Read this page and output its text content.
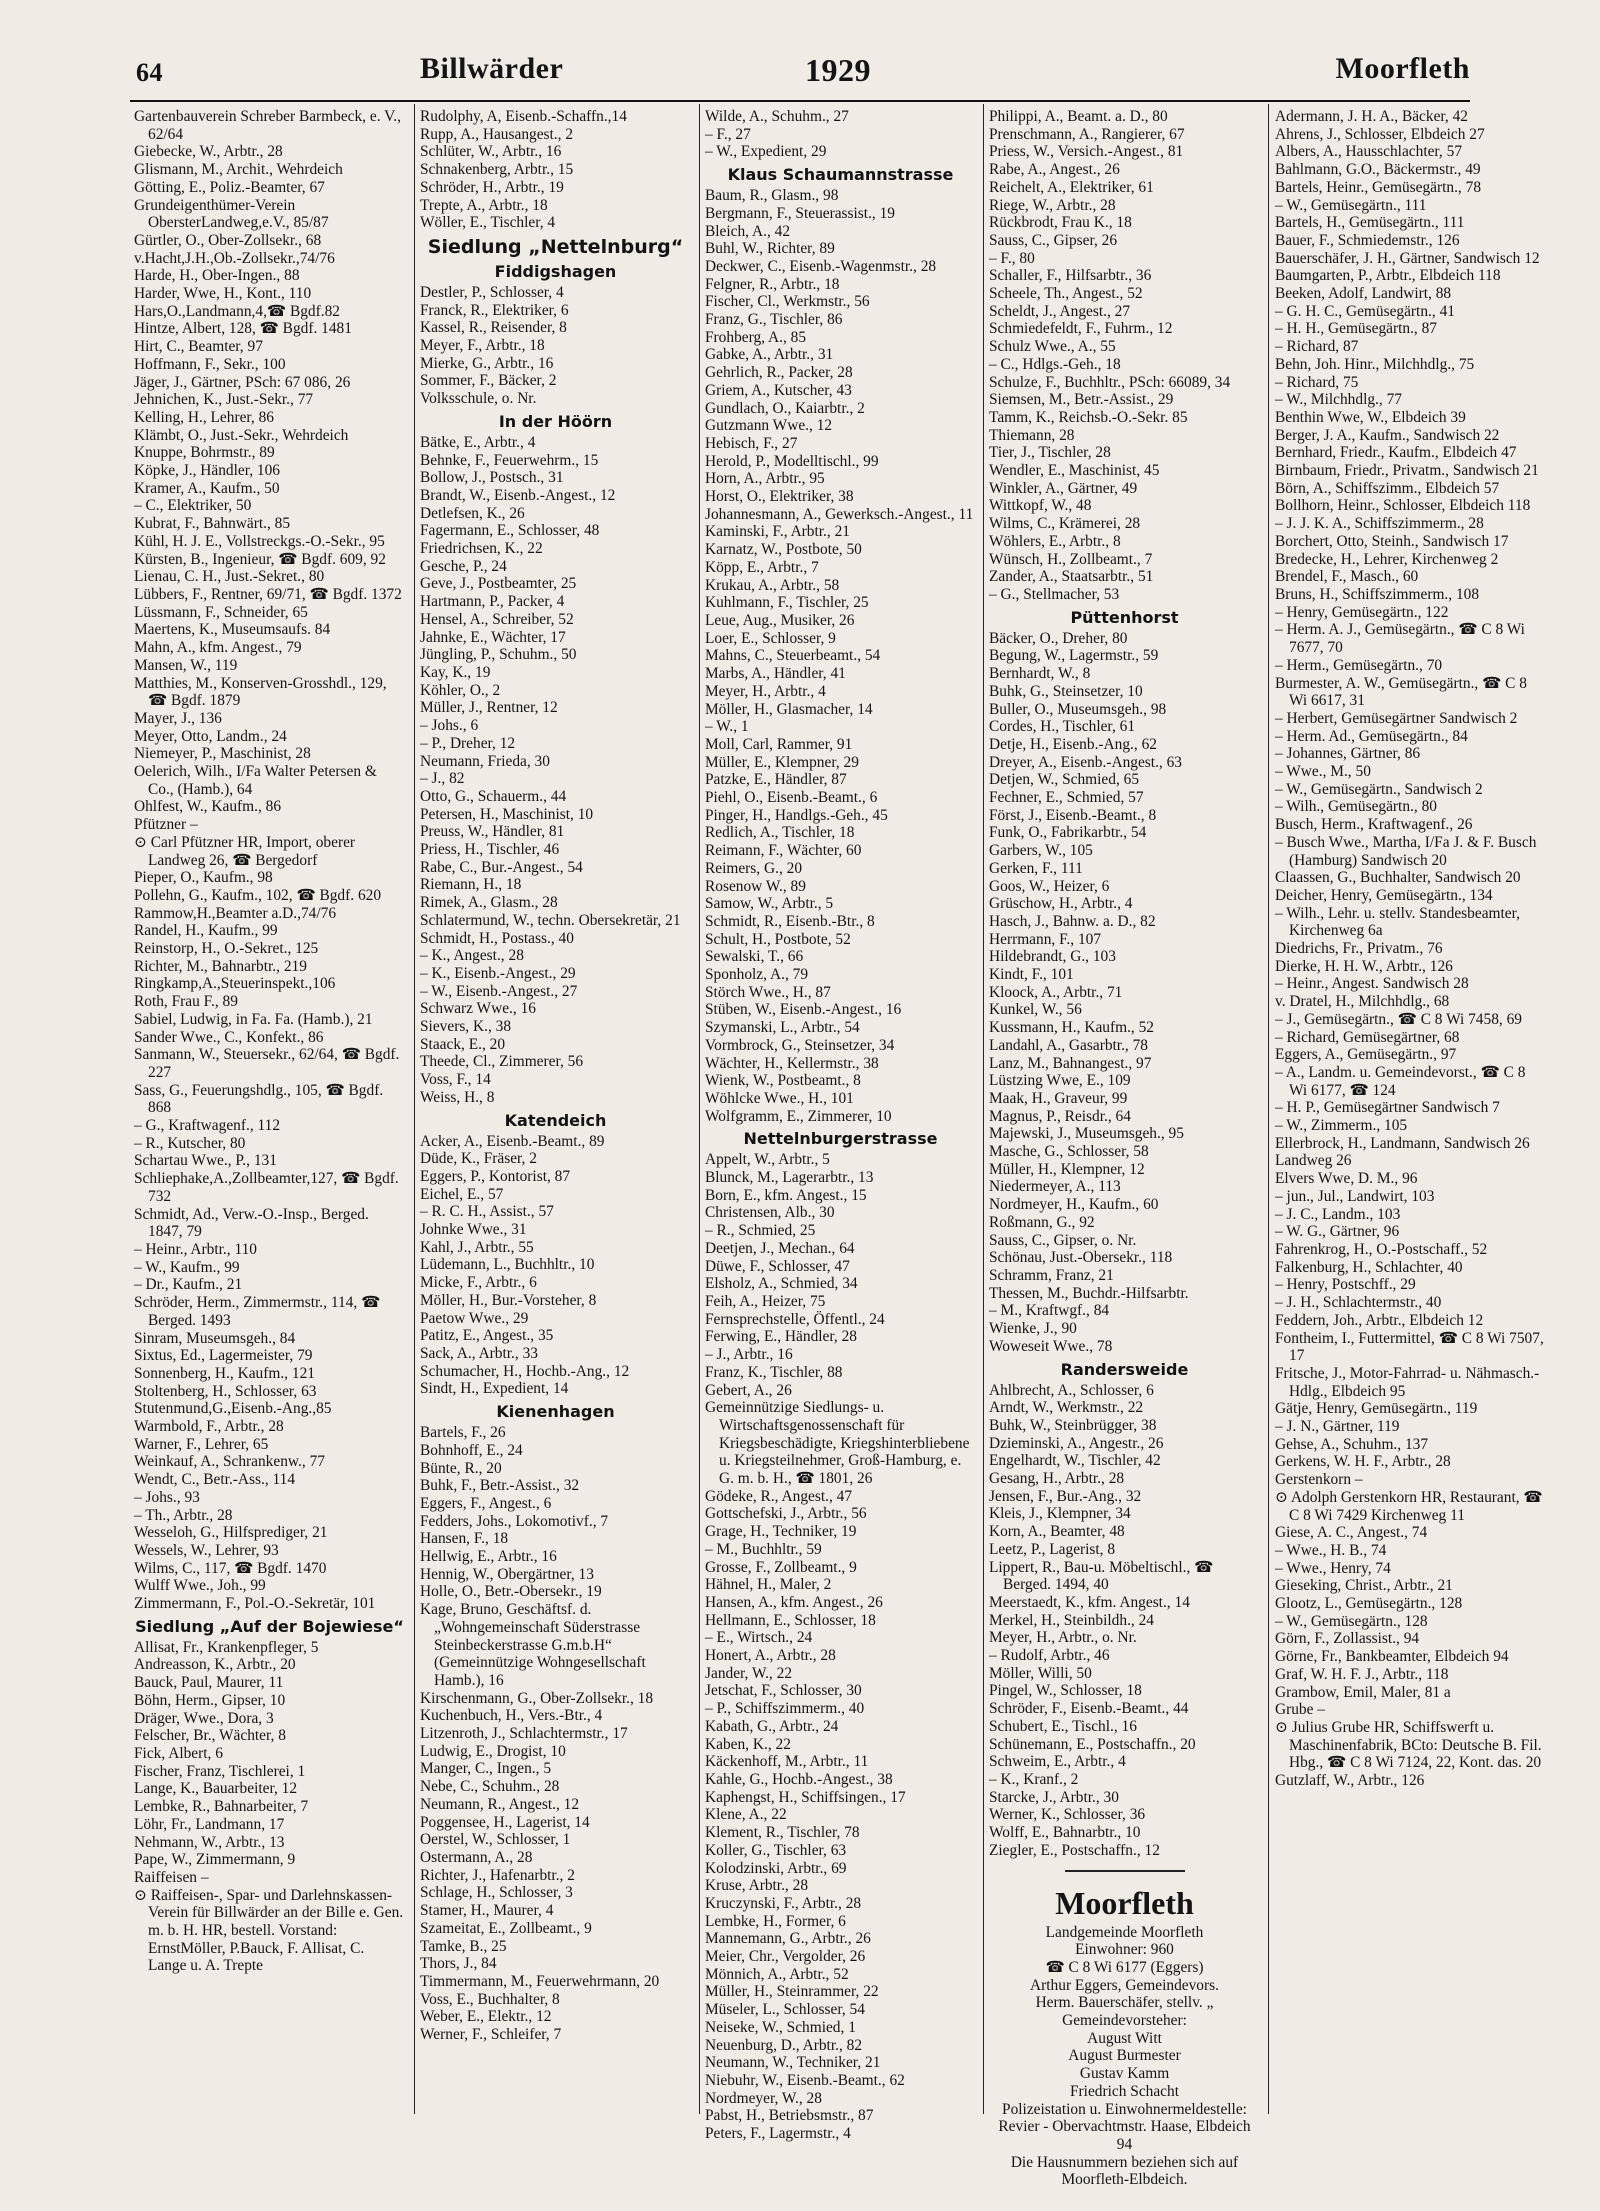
64	Billwärder	1929	Moorfleth

Gartenbauverein Schreber Barmbeck, e. V., 62/64

Giebecke, W., Arbtr., 28

Glismann, M., Archit., Wehrdeich

Götting, E., Poliz.-Beamter, 67

Grundeigenthümer-Verein ObersterLandweg,e.V., 85/87

Gürtler, O., Ober-Zollsekr., 68

v.Hacht,J.H.,Ob.-Zollsekr.,74/76

Harde, H., Ober-Ingen., 88

Harder, Wwe, H., Kont., 110

Hars,O.,Landmann,4,☎ Bgdf.82

Hintze, Albert, 128, ☎ Bgdf. 1481

Hirt, C., Beamter, 97

Hoffmann, F., Sekr., 100

Jäger, J., Gärtner, PSch: 67 086, 26

Jehnichen, K., Just.-Sekr., 77

Kelling, H., Lehrer, 86

Klämbt, O., Just.-Sekr., Wehrdeich

Knuppe, Bohrmstr., 89

Köpke, J., Händler, 106

Kramer, A., Kaufm., 50

– C., Elektriker, 50

Kubrat, F., Bahnwärt., 85

Kühl, H. J. E., Vollstreckgs.-O.-Sekr., 95

Kürsten, B., Ingenieur, ☎ Bgdf. 609, 92

Lienau, C. H., Just.-Sekret., 80

Lübbers, F., Rentner, 69/71, ☎ Bgdf. 1372

Lüssmann, F., Schneider, 65

Maertens, K., Museumsaufs. 84

Mahn, A., kfm. Angest., 79

Mansen, W., 119

Matthies, M., Konserven-Grosshdl., 129, ☎ Bgdf. 1879

Mayer, J., 136

Meyer, Otto, Landm., 24

Niemeyer, P., Maschinist, 28

Oelerich, Wilh., I/Fa Walter Petersen & Co., (Hamb.), 64

Ohlfest, W., Kaufm., 86

Pfützner –

⊙ Carl Pfützner HR, Import, oberer Landweg 26, ☎ Bergedorf

Pieper, O., Kaufm., 98

Pollehn, G., Kaufm., 102, ☎ Bgdf. 620

Rammow,H.,Beamter a.D.,74/76

Randel, H., Kaufm., 99

Reinstorp, H., O.-Sekret., 125

Richter, M., Bahnarbtr., 219

Ringkamp,A.,Steuerinspekt.,106

Roth, Frau F., 89

Sabiel, Ludwig, in Fa. Fa. (Hamb.), 21

Sander Wwe., C., Konfekt., 86

Sanmann, W., Steuersekr., 62/64, ☎ Bgdf. 227

Sass, G., Feuerungshdlg., 105, ☎ Bgdf. 868

– G., Kraftwagenf., 112

– R., Kutscher, 80

Schartau Wwe., P., 131

Schliephake,A.,Zollbeamter,127, ☎ Bgdf. 732

Schmidt, Ad., Verw.-O.-Insp., Berged. 1847, 79

– Heinr., Arbtr., 110

– W., Kaufm., 99

– Dr., Kaufm., 21

Schröder, Herm., Zimmermstr., 114, ☎ Berged. 1493

Sinram, Museumsgeh., 84

Sixtus, Ed., Lagermeister, 79

Sonnenberg, H., Kaufm., 121

Stoltenberg, H., Schlosser, 63

Stutenmund,G.,Eisenb.-Ang.,85

Warmbold, F., Arbtr., 28

Warner, F., Lehrer, 65

Weinkauf, A., Schrankenw., 77

Wendt, C., Betr.-Ass., 114

– Johs., 93

– Th., Arbtr., 28

Wesseloh, G., Hilfsprediger, 21

Wessels, W., Lehrer, 93

Wilms, C., 117, ☎ Bgdf. 1470

Wulff Wwe., Joh., 99

Zimmermann, F., Pol.-O.-Sekretär, 101

Siedlung „Auf der Bojewiese“

Allisat, Fr., Krankenpfleger, 5

Andreasson, K., Arbtr., 20

Bauck, Paul, Maurer, 11

Böhn, Herm., Gipser, 10

Dräger, Wwe., Dora, 3

Felscher, Br., Wächter, 8

Fick, Albert, 6

Fischer, Franz, Tischlerei, 1

Lange, K., Bauarbeiter, 12

Lembke, R., Bahnarbeiter, 7

Löhr, Fr., Landmann, 17

Nehmann, W., Arbtr., 13

Pape, W., Zimmermann, 9

Raiffeisen –

⊙ Raiffeisen-, Spar- und Darlehnskassen-Verein für Billwärder an der Bille e. Gen. m. b. H. HR, bestell. Vorstand: ErnstMöller, P.Bauck, F. Allisat, C. Lange u. A. Trepte

Rudolphy, A, Eisenb.-Schaffn.,14

Rupp, A., Hausangest., 2

Schlüter, W., Arbtr., 16

Schnakenberg, Arbtr., 15

Schröder, H., Arbtr., 19

Trepte, A., Arbtr., 18

Wöller, E., Tischler, 4

Siedlung „Nettelnburg“

Fiddigshagen

Destler, P., Schlosser, 4

Franck, R., Elektriker, 6

Kassel, R., Reisender, 8

Meyer, F., Arbtr., 18

Mierke, G., Arbtr., 16

Sommer, F., Bäcker, 2

Volksschule, o. Nr.

In der Höörn

Bätke, E., Arbtr., 4

Behnke, F., Feuerwehrm., 15

Bollow, J., Postsch., 31

Brandt, W., Eisenb.-Angest., 12

Detlefsen, K., 26

Fagermann, E., Schlosser, 48

Friedrichsen, K., 22

Gesche, P., 24

Geve, J., Postbeamter, 25

Hartmann, P., Packer, 4

Hensel, A., Schreiber, 52

Jahnke, E., Wächter, 17

Jüngling, P., Schuhm., 50

Kay, K., 19

Köhler, O., 2

Müller, J., Rentner, 12

– Johs., 6

– P., Dreher, 12

Neumann, Frieda, 30

– J., 82

Otto, G., Schauerm., 44

Petersen, H., Maschinist, 10

Preuss, W., Händler, 81

Priess, H., Tischler, 46

Rabe, C., Bur.-Angest., 54

Riemann, H., 18

Rimek, A., Glasm., 28

Schlatermund, W., techn. Obersekretär, 21

Schmidt, H., Postass., 40

– K., Angest., 28

– K., Eisenb.-Angest., 29

– W., Eisenb.-Angest., 27

Schwarz Wwe., 16

Sievers, K., 38

Staack, E., 20

Theede, Cl., Zimmerer, 56

Voss, F., 14

Weiss, H., 8

Katendeich

Acker, A., Eisenb.-Beamt., 89

Düde, K., Fräser, 2

Eggers, P., Kontorist, 87

Eichel, E., 57

– R. C. H., Assist., 57

Johnke Wwe., 31

Kahl, J., Arbtr., 55

Lüdemann, L., Buchhltr., 10

Micke, F., Arbtr., 6

Möller, H., Bur.-Vorsteher, 8

Paetow Wwe., 29

Patitz, E., Angest., 35

Sack, A., Arbtr., 33

Schumacher, H., Hochb.-Ang., 12

Sindt, H., Expedient, 14

Kienenhagen

Bartels, F., 26

Bohnhoff, E., 24

Bünte, R., 20

Buhk, F., Betr.-Assist., 32

Eggers, F., Angest., 6

Fedders, Johs., Lokomotivf., 7

Hansen, F., 18

Hellwig, E., Arbtr., 16

Hennig, W., Obergärtner, 13

Holle, O., Betr.-Obersekr., 19

Kage, Bruno, Geschäftsf. d. „Wohngemeinschaft Süderstrasse Steinbeckerstrasse G.m.b.H“ (Gemeinnützige Wohngesellschaft Hamb.), 16

Kirschenmann, G., Ober-Zollsekr., 18

Kuchenbuch, H., Vers.-Btr., 4

Litzenroth, J., Schlachtermstr., 17

Ludwig, E., Drogist, 10

Manger, C., Ingen., 5

Nebe, C., Schuhm., 28

Neumann, R., Angest., 12

Poggensee, H., Lagerist, 14

Oerstel, W., Schlosser, 1

Ostermann, A., 28

Richter, J., Hafenarbtr., 2

Schlage, H., Schlosser, 3

Stamer, H., Maurer, 4

Szameitat, E., Zollbeamt., 9

Tamke, B., 25

Thors, J., 84

Timmermann, M., Feuerwehrmann, 20

Voss, E., Buchhalter, 8

Weber, E., Elektr., 12

Werner, F., Schleifer, 7

Wilde, A., Schuhm., 27

– F., 27

– W., Expedient, 29

Klaus Schaumannstrasse

Baum, R., Glasm., 98

Bergmann, F., Steuerassist., 19

Bleich, A., 42

Buhl, W., Richter, 89

Deckwer, C., Eisenb.-Wagenmstr., 28

Felgner, R., Arbtr., 18

Fischer, Cl., Werkmstr., 56

Franz, G., Tischler, 86

Frohberg, A., 85

Gabke, A., Arbtr., 31

Gehrlich, R., Packer, 28

Griem, A., Kutscher, 43

Gundlach, O., Kaiarbtr., 2

Gutzmann Wwe., 12

Hebisch, F., 27

Herold, P., Modelltischl., 99

Horn, A., Arbtr., 95

Horst, O., Elektriker, 38

Johannesmann, A., Gewerksch.-Angest., 11

Kaminski, F., Arbtr., 21

Karnatz, W., Postbote, 50

Köpp, E., Arbtr., 7

Krukau, A., Arbtr., 58

Kuhlmann, F., Tischler, 25

Leue, Aug., Musiker, 26

Loer, E., Schlosser, 9

Mahns, C., Steuerbeamt., 54

Marbs, A., Händler, 41

Meyer, H., Arbtr., 4

Möller, H., Glasmacher, 14

– W., 1

Moll, Carl, Rammer, 91

Müller, E., Klempner, 29

Patzke, E., Händler, 87

Piehl, O., Eisenb.-Beamt., 6

Pinger, H., Handlgs.-Geh., 45

Redlich, A., Tischler, 18

Reimann, F., Wächter, 60

Reimers, G., 20

Rosenow W., 89

Samow, W., Arbtr., 5

Schmidt, R., Eisenb.-Btr., 8

Schult, H., Postbote, 52

Sewalski, T., 66

Sponholz, A., 79

Störch Wwe., H., 87

Stüben, W., Eisenb.-Angest., 16

Szymanski, L., Arbtr., 54

Vormbrock, G., Steinsetzer, 34

Wächter, H., Kellermstr., 38

Wienk, W., Postbeamt., 8

Wöhlcke Wwe., H., 101

Wolfgramm, E., Zimmerer, 10

Nettelnburgerstrasse

Appelt, W., Arbtr., 5

Blunck, M., Lagerarbtr., 13

Born, E., kfm. Angest., 15

Christensen, Alb., 30

– R., Schmied, 25

Deetjen, J., Mechan., 64

Düwe, F., Schlosser, 47

Elsholz, A., Schmied, 34

Feih, A., Heizer, 75

Fernsprechstelle, Öffentl., 24

Ferwing, E., Händler, 28

– J., Arbtr., 16

Franz, K., Tischler, 88

Gebert, A., 26

Gemeinnützige Siedlungs- u. Wirtschaftsgenossenschaft für Kriegsbeschädigte, Kriegshinterbliebene u. Kriegsteilnehmer, Groß-Hamburg, e. G. m. b. H., ☎ 1801, 26

Gödeke, R., Angest., 47

Gottschefski, J., Arbtr., 56

Grage, H., Techniker, 19

– M., Buchhltr., 59

Grosse, F., Zollbeamt., 9

Hähnel, H., Maler, 2

Hansen, A., kfm. Angest., 26

Hellmann, E., Schlosser, 18

– E., Wirtsch., 24

Honert, A., Arbtr., 28

Jander, W., 22

Jetschat, F., Schlosser, 30

– P., Schiffszimmerm., 40

Kabath, G., Arbtr., 24

Kaben, K., 22

Käckenhoff, M., Arbtr., 11

Kahle, G., Hochb.-Angest., 38

Kaphengst, H., Schiffsingen., 17

Klene, A., 22

Klement, R., Tischler, 78

Koller, G., Tischler, 63

Kolodzinski, Arbtr., 69

Kruse, Arbtr., 28

Kruczynski, F., Arbtr., 28

Lembke, H., Former, 6

Mannemann, G., Arbtr., 26

Meier, Chr., Vergolder, 26

Mönnich, A., Arbtr., 52

Müller, H., Steinrammer, 22

Müseler, L., Schlosser, 54

Neiseke, W., Schmied, 1

Neuenburg, D., Arbtr., 82

Neumann, W., Techniker, 21

Niebuhr, W., Eisenb.-Beamt., 62

Nordmeyer, W., 28

Pabst, H., Betriebsmstr., 87

Peters, F., Lagermstr., 4

Philippi, A., Beamt. a. D., 80

Prenschmann, A., Rangierer, 67

Priess, W., Versich.-Angest., 81

Rabe, A., Angest., 26

Reichelt, A., Elektriker, 61

Riege, W., Arbtr., 28

Rückbrodt, Frau K., 18

Sauss, C., Gipser, 26

– F., 80

Schaller, F., Hilfsarbtr., 36

Scheele, Th., Angest., 52

Scheldt, J., Angest., 27

Schmiedefeldt, F., Fuhrm., 12

Schulz Wwe., A., 55

– C., Hdlgs.-Geh., 18

Schulze, F., Buchhltr., PSch: 66089, 34

Siemsen, M., Betr.-Assist., 29

Tamm, K., Reichsb.-O.-Sekr. 85

Thiemann, 28

Tier, J., Tischler, 28

Wendler, E., Maschinist, 45

Winkler, A., Gärtner, 49

Wittkopf, W., 48

Wilms, C., Krämerei, 28

Wöhlers, E., Arbtr., 8

Wünsch, H., Zollbeamt., 7

Zander, A., Staatsarbtr., 51

– G., Stellmacher, 53

Püttenhorst

Bäcker, O., Dreher, 80

Begung, W., Lagermstr., 59

Bernhardt, W., 8

Buhk, G., Steinsetzer, 10

Buller, O., Museumsgeh., 98

Cordes, H., Tischler, 61

Detje, H., Eisenb.-Ang., 62

Dreyer, A., Eisenb.-Angest., 63

Detjen, W., Schmied, 65

Fechner, E., Schmied, 57

Först, J., Eisenb.-Beamt., 8

Funk, O., Fabrikarbtr., 54

Garbers, W., 105

Gerken, F., 111

Goos, W., Heizer, 6

Grüschow, H., Arbtr., 4

Hasch, J., Bahnw. a. D., 82

Herrmann, F., 107

Hildebrandt, G., 103

Kindt, F., 101

Kloock, A., Arbtr., 71

Kunkel, W., 56

Kussmann, H., Kaufm., 52

Landahl, A., Gasarbtr., 78

Lanz, M., Bahnangest., 97

Lüstzing Wwe, E., 109

Maak, H., Graveur, 99

Magnus, P., Reisdr., 64

Majewski, J., Museumsgeh., 95

Masche, G., Schlosser, 58

Müller, H., Klempner, 12

Niedermeyer, A., 113

Nordmeyer, H., Kaufm., 60

Roßmann, G., 92

Sauss, C., Gipser, o. Nr.

Schönau, Just.-Obersekr., 118

Schramm, Franz, 21

Thessen, M., Buchdr.-Hilfsarbtr.

– M., Kraftwgf., 84

Wienke, J., 90

Woweseit Wwe., 78

Randersweide

Ahlbrecht, A., Schlosser, 6

Arndt, W., Werkmstr., 22

Buhk, W., Steinbrügger, 38

Dzieminski, A., Angestr., 26

Engelhardt, W., Tischler, 42

Gesang, H., Arbtr., 28

Jensen, F., Bur.-Ang., 32

Kleis, J., Klempner, 34

Korn, A., Beamter, 48

Leetz, P., Lagerist, 8

Lippert, R., Bau-u. Möbeltischl., ☎ Berged. 1494, 40

Meerstaedt, K., kfm. Angest., 14

Merkel, H., Steinbildh., 24

Meyer, H., Arbtr., o. Nr.

– Rudolf, Arbtr., 46

Möller, Willi, 50

Pingel, W., Schlosser, 18

Schröder, F., Eisenb.-Beamt., 44

Schubert, E., Tischl., 16

Schünemann, E., Postschaffn., 20

Schweim, E., Arbtr., 4

– K., Kranf., 2

Starcke, J., Arbtr., 30

Werner, K., Schlosser, 36

Wolff, E., Bahnarbtr., 10

Ziegler, E., Postschaffn., 12

Moorfleth

Landgemeinde Moorfleth

Einwohner: 960

☎ C 8 Wi 6177 (Eggers)

Arthur Eggers, Gemeindevors.

Herm. Bauerschäfer, stellv. „

Gemeindevorsteher:

August Witt

August Burmester

Gustav Kamm

Friedrich Schacht

Polizeistation u. Einwohnermeldestelle: Revier - Obervachtmstr. Haase, Elbdeich 94

Die Hausnummern beziehen sich auf Moorfleth-Elbdeich.

Adermann, J. H. A., Bäcker, 42

Ahrens, J., Schlosser, Elbdeich 27

Albers, A., Hausschlachter, 57

Bahlmann, G.O., Bäckermstr., 49

Bartels, Heinr., Gemüsegärtn., 78

– W., Gemüsegärtn., 111

Bartels, H., Gemüsegärtn., 111

Bauer, F., Schmiedemstr., 126

Bauerschäfer, J. H., Gärtner, Sandwisch 12

Baumgarten, P., Arbtr., Elbdeich 118

Beeken, Adolf, Landwirt, 88

– G. H. C., Gemüsegärtn., 41

– H. H., Gemüsegärtn., 87

– Richard, 87

Behn, Joh. Hinr., Milchhdlg., 75

– Richard, 75

– W., Milchhdlg., 77

Benthin Wwe, W., Elbdeich 39

Berger, J. A., Kaufm., Sandwisch 22

Bernhard, Friedr., Kaufm., Elbdeich 47

Birnbaum, Friedr., Privatm., Sandwisch 21

Börn, A., Schiffszimm., Elbdeich 57

Bollhorn, Heinr., Schlosser, Elbdeich 118

– J. J. K. A., Schiffszimmerm., 28

Borchert, Otto, Steinh., Sandwisch 17

Bredecke, H., Lehrer, Kirchenweg 2

Brendel, F., Masch., 60

Bruns, H., Schiffszimmerm., 108

– Henry, Gemüsegärtn., 122

– Herm. A. J., Gemüsegärtn., ☎ C 8 Wi 7677, 70

– Herm., Gemüsegärtn., 70

Burmester, A. W., Gemüsegärtn., ☎ C 8 Wi 6617, 31

– Herbert, Gemüsegärtner Sandwisch 2

– Herm. Ad., Gemüsegärtn., 84

– Johannes, Gärtner, 86

– Wwe., M., 50

– W., Gemüsegärtn., Sandwisch 2

– Wilh., Gemüsegärtn., 80

Busch, Herm., Kraftwagenf., 26

– Busch Wwe., Martha, I/Fa J. & F. Busch (Hamburg) Sandwisch 20

Claassen, G., Buchhalter, Sandwisch 20

Deicher, Henry, Gemüsegärtn., 134

– Wilh., Lehr. u. stellv. Standesbeamter, Kirchenweg 6a

Diedrichs, Fr., Privatm., 76

Dierke, H. H. W., Arbtr., 126

– Heinr., Angest. Sandwisch 28

v. Dratel, H., Milchhdlg., 68

– J., Gemüsegärtn., ☎ C 8 Wi 7458, 69

– Richard, Gemüsegärtner, 68

Eggers, A., Gemüsegärtn., 97

– A., Landm. u. Gemeindevorst., ☎ C 8 Wi 6177, ☎ 124

– H. P., Gemüsegärtner Sandwisch 7

– W., Zimmerm., 105

Ellerbrock, H., Landmann, Sandwisch 26

Landweg 26

Elvers Wwe, D. M., 96

– jun., Jul., Landwirt, 103

– J. C., Landm., 103

– W. G., Gärtner, 96

Fahrenkrog, H., O.-Postschaff., 52

Falkenburg, H., Schlachter, 40

– Henry, Postschff., 29

– J. H., Schlachtermstr., 40

Feddern, Joh., Arbtr., Elbdeich 12

Fontheim, I., Futtermittel, ☎ C 8 Wi 7507, 17

Fritsche, J., Motor-Fahrrad- u. Nähmasch.-Hdlg., Elbdeich 95

Gätje, Henry, Gemüsegärtn., 119

– J. N., Gärtner, 119

Gehse, A., Schuhm., 137

Gerkens, W. H. F., Arbtr., 28

Gerstenkorn –

⊙ Adolph Gerstenkorn HR, Restaurant, ☎ C 8 Wi 7429 Kirchenweg 11

Giese, A. C., Angest., 74

– Wwe., H. B., 74

– Wwe., Henry, 74

Gieseking, Christ., Arbtr., 21

Glootz, L., Gemüsegärtn., 128

– W., Gemüsegärtn., 128

Görn, F., Zollassist., 94

Görne, Fr., Bankbeamter, Elbdeich 94

Graf, W. H. F. J., Arbtr., 118

Grambow, Emil, Maler, 81 a

Grube –

⊙ Julius Grube HR, Schiffswerft u. Maschinenfabrik, BCto: Deutsche B. Fil. Hbg., ☎ C 8 Wi 7124, 22, Kont. das. 20

Gutzlaff, W., Arbtr., 126
